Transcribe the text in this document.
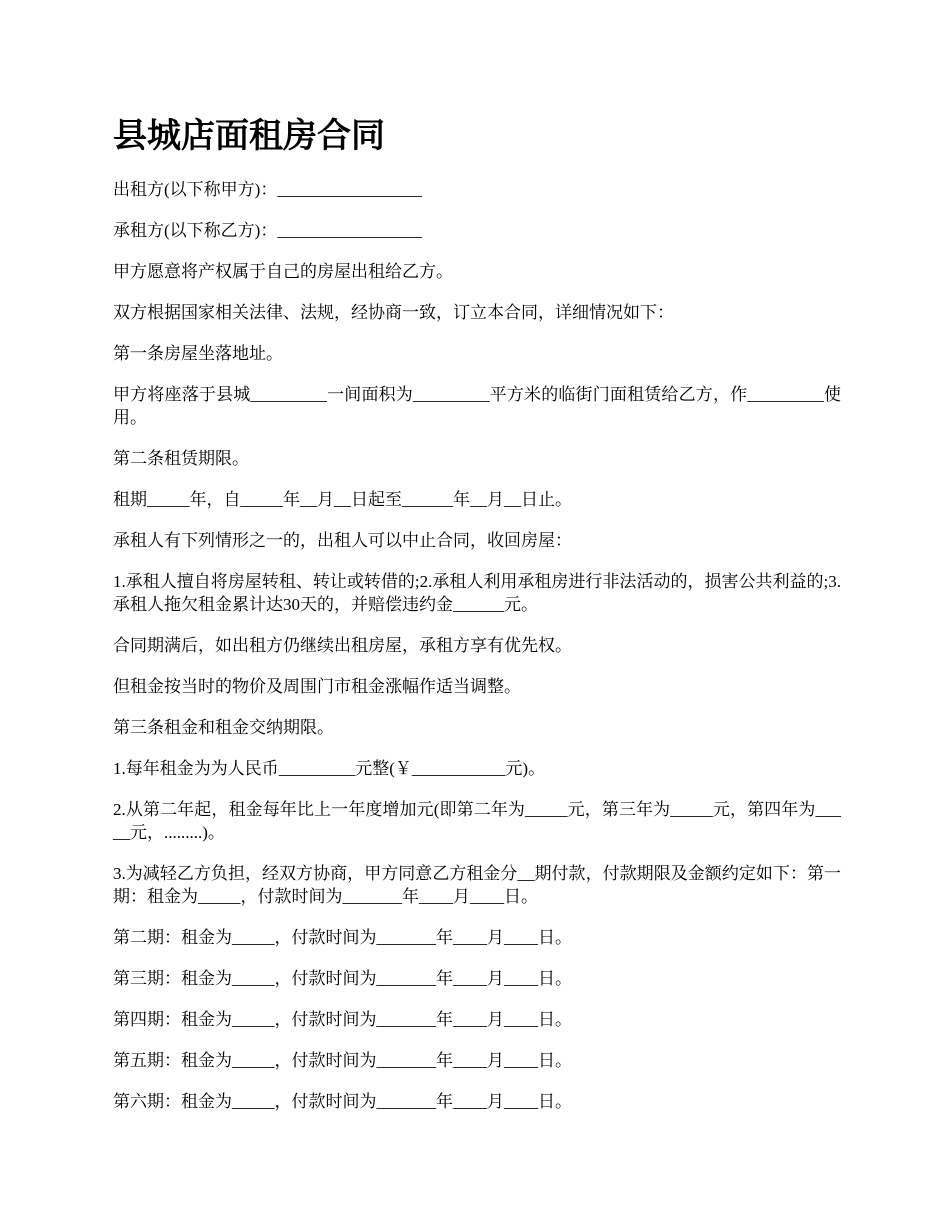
县城店面租房合同

出租方(以下称甲方)：_________________

承租方(以下称乙方)：_________________

甲方愿意将产权属于自己的房屋出租给乙方。

双方根据国家相关法律、法规，经协商一致，订立本合同，详细情况如下：

第一条房屋坐落地址。

甲方将座落于县城_________一间面积为_________平方米的临街门面租赁给乙方，作_________使用。

第二条租赁期限。

租期_____年，自_____年__月__日起至______年__月__日止。

承租人有下列情形之一的，出租人可以中止合同，收回房屋：

1.承租人擅自将房屋转租、转让或转借的;2.承租人利用承租房进行非法活动的，损害公共利益的;3.承租人拖欠租金累计达30天的，并赔偿违约金______元。

合同期满后，如出租方仍继续出租房屋，承租方享有优先权。

但租金按当时的物价及周围门市租金涨幅作适当调整。

第三条租金和租金交纳期限。

1.每年租金为为人民币_________元整(￥___________元)。

2.从第二年起，租金每年比上一年度增加元(即第二年为_____元，第三年为_____元，第四年为_____元，.........)。

3.为减轻乙方负担，经双方协商，甲方同意乙方租金分__期付款，付款期限及金额约定如下：第一期：租金为_____，付款时间为_______年____月____日。

第二期：租金为_____，付款时间为_______年____月____日。

第三期：租金为_____，付款时间为_______年____月____日。

第四期：租金为_____，付款时间为_______年____月____日。

第五期：租金为_____，付款时间为_______年____月____日。

第六期：租金为_____，付款时间为_______年____月____日。
